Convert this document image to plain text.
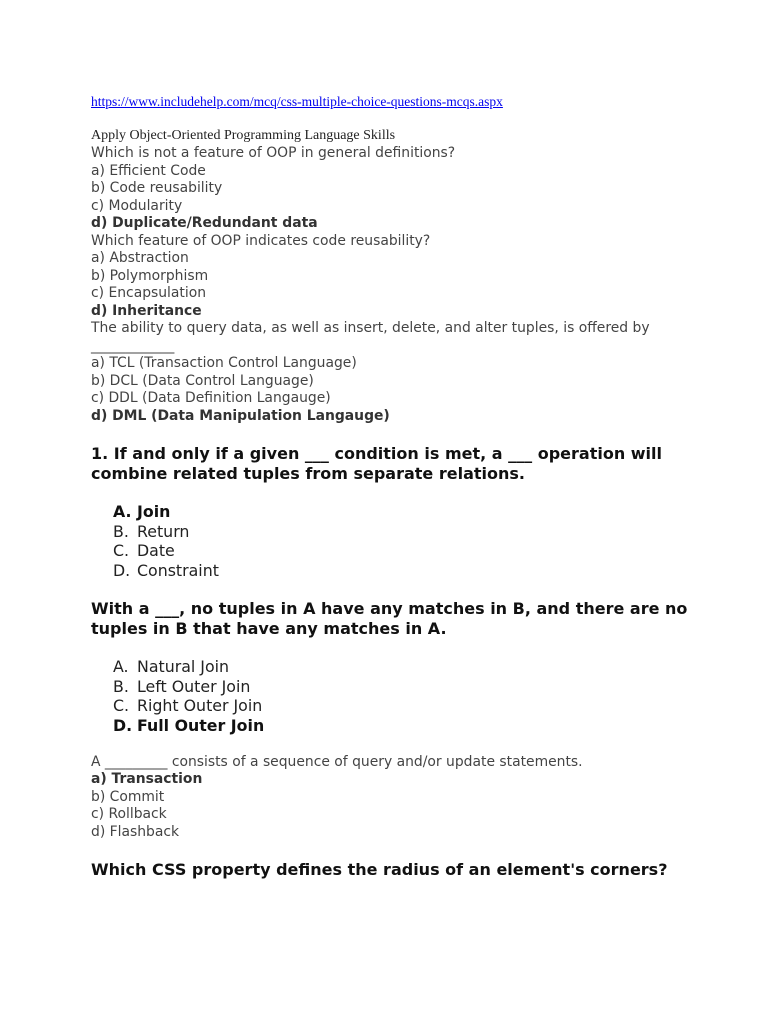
https://www.includehelp.com/mcq/css-multiple-choice-questions-mcqs.aspx
Apply Object-Oriented Programming Language Skills
Which is not a feature of OOP in general definitions?
a) Efficient Code
b) Code reusability
c) Modularity
d) Duplicate/Redundant data
Which feature of OOP indicates code reusability?
a) Abstraction
b) Polymorphism
c) Encapsulation
d) Inheritance
The ability to query data, as well as insert, delete, and alter tuples, is offered by
____________
a) TCL (Transaction Control Language)
b) DCL (Data Control Language)
c) DDL (Data Definition Langauge)
d) DML (Data Manipulation Langauge)
1. If and only if a given ___ condition is met, a ___ operation will combine related tuples from separate relations.
A. Join
B. Return
C. Date
D. Constraint
With a ___, no tuples in A have any matches in B, and there are no tuples in B that have any matches in A.
A. Natural Join
B. Left Outer Join
C. Right Outer Join
D. Full Outer Join
A _________ consists of a sequence of query and/or update statements.
a) Transaction
b) Commit
c) Rollback
d) Flashback
Which CSS property defines the radius of an element's corners?
